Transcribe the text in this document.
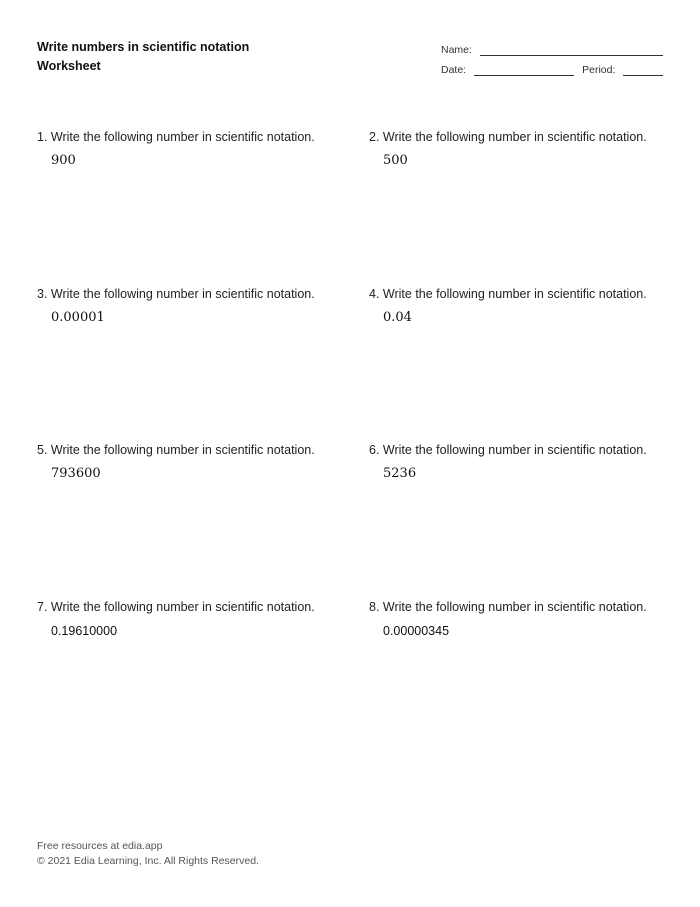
Write numbers in scientific notation
Worksheet
Name:
Date:	Period:
1. Write the following number in scientific notation.
900
2. Write the following number in scientific notation.
500
3. Write the following number in scientific notation.
0.00001
4. Write the following number in scientific notation.
0.04
5. Write the following number in scientific notation.
793600
6. Write the following number in scientific notation.
5236
7. Write the following number in scientific notation.
0.19610000
8. Write the following number in scientific notation.
0.00000345
Free resources at edia.app
© 2021 Edia Learning, Inc. All Rights Reserved.
